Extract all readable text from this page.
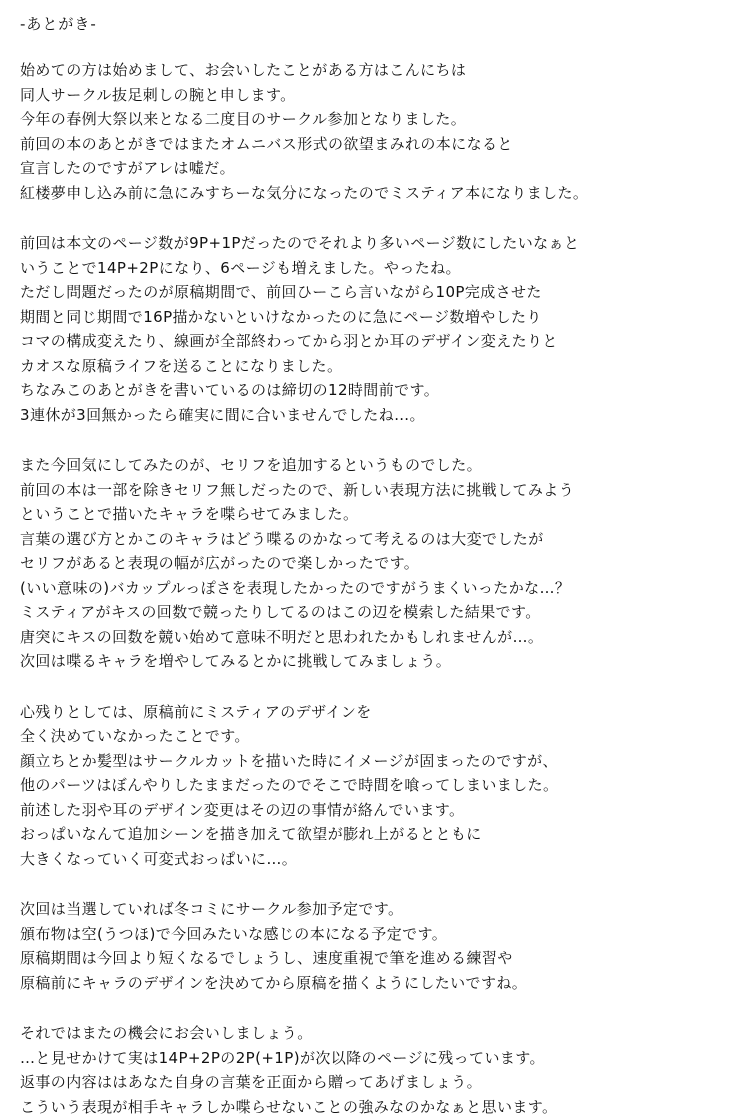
-あとがき-
始めての方は始めまして、お会いしたことがある方はこんにちは
同人サークル抜足刺しの腕と申します。
今年の春例大祭以来となる二度目のサークル参加となりました。
前回の本のあとがきではまたオムニバス形式の欲望まみれの本になると
宣言したのですがアレは嘘だ。
紅楼夢申し込み前に急にみすちーな気分になったのでミスティア本になりました。
前回は本文のページ数が9P+1Pだったのでそれより多いページ数にしたいなぁと
いうことで14P+2Pになり、6ページも増えました。やったね。
ただし問題だったのが原稿期間で、前回ひーこら言いながら10P完成させた
期間と同じ期間で16P描かないといけなかったのに急にページ数増やしたり
コマの構成変えたり、線画が全部終わってから羽とか耳のデザイン変えたりと
カオスな原稿ライフを送ることになりました。
ちなみこのあとがきを書いているのは締切の12時間前です。
3連休が3回無かったら確実に間に合いませんでしたね…。
また今回気にしてみたのが、セリフを追加するというものでした。
前回の本は一部を除きセリフ無しだったので、新しい表現方法に挑戦してみよう
ということで描いたキャラを喋らせてみました。
言葉の選び方とかこのキャラはどう喋るのかなって考えるのは大変でしたが
セリフがあると表現の幅が広がったので楽しかったです。
(いい意味の)バカップルっぽさを表現したかったのですがうまくいったかな…？
ミスティアがキスの回数で競ったりしてるのはこの辺を模索した結果です。
唐突にキスの回数を競い始めて意味不明だと思われたかもしれませんが…。
次回は喋るキャラを増やしてみるとかに挑戦してみましょう。
心残りとしては、原稿前にミスティアのデザインを
全く決めていなかったことです。
顔立ちとか髪型はサークルカットを描いた時にイメージが固まったのですが、
他のパーツはぼんやりしたままだったのでそこで時間を喰ってしまいました。
前述した羽や耳のデザイン変更はその辺の事情が絡んでいます。
おっぱいなんて追加シーンを描き加えて欲望が膨れ上がるとともに
大きくなっていく可変式おっぱいに…。
次回は当選していれば冬コミにサークル参加予定です。
頒布物は空(うつほ)で今回みたいな感じの本になる予定です。
原稿期間は今回より短くなるでしょうし、速度重視で筆を進める練習や
原稿前にキャラのデザインを決めてから原稿を描くようにしたいですね。
それではまたの機会にお会いしましょう。
…と見せかけて実は14P+2Pの2P(+1P)が次以降のページに残っています。
返事の内容ははあなた自身の言葉を正面から贈ってあげましょう。
こういう表現が相手キャラしか喋らせないことの強みなのかなぁと思います。
